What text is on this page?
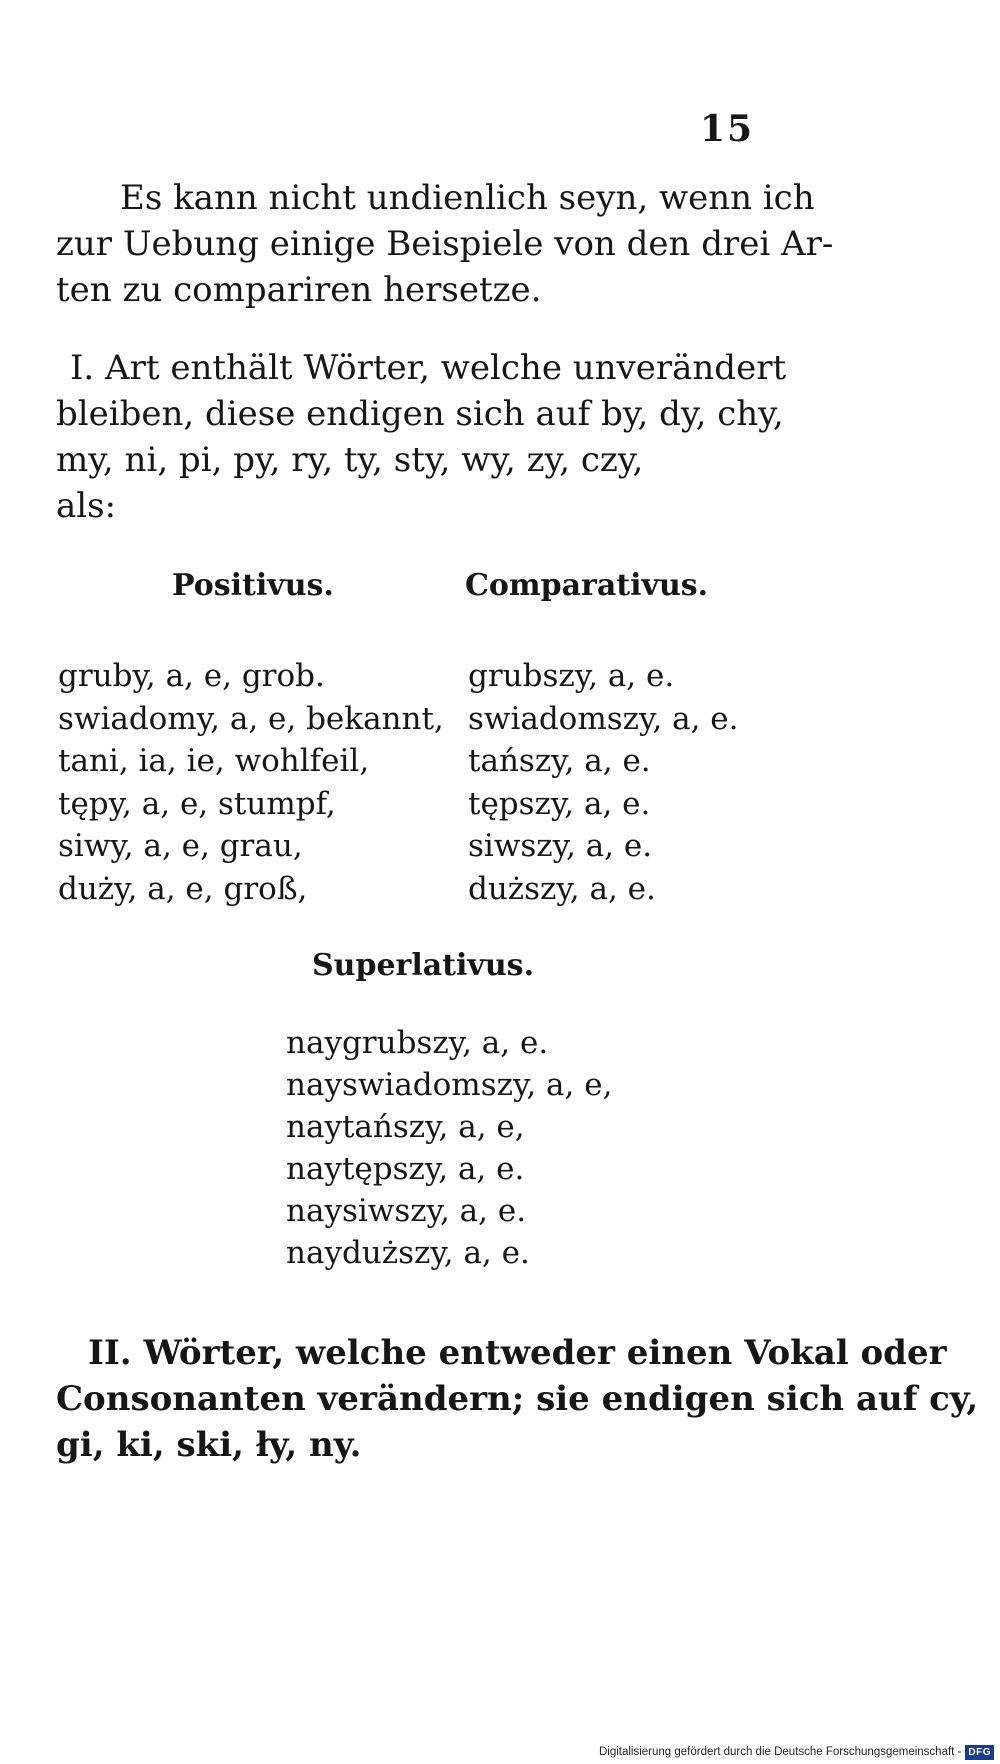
15
Es kann nicht undienlich seyn, wenn ich
zur Uebung einige Beispiele von den drei Ar-
ten zu compariren hersetze.
I. Art enthält Wörter, welche unverändert
bleiben, diese endigen sich auf by, dy, chy,
my, ni, pi, py, ry, ty, sty, wy, zy, czy,
als:
Positivus.	Comparativus.
gruby, a, e, grob.
swiadomy, a, e, bekannt,
tani, ia, ie, wohlfeil,
tępy, a, e, stumpf,
siwy, a, e, grau,
duży, a, e, groß,
grubszy, a, e.
swiadomszy, a, e.
tańszy, a, e.
tępszy, a, e.
siwszy, a, e.
duższy, a, e.
Superlativus.
naygrubszy, a, e.
nayswiadomszy, a, e,
naytańszy, a, e,
naytępszy, a, e.
naysiwszy, a, e.
nayduższy, a, e.
II. Wörter, welche entweder einen Vokal oder
Consonanten verändern; sie endigen sich auf cy,
gi, ki, ski, ły, ny.
Digitalisierung gefördert durch die Deutsche Forschungsgemeinschaft - DFG
